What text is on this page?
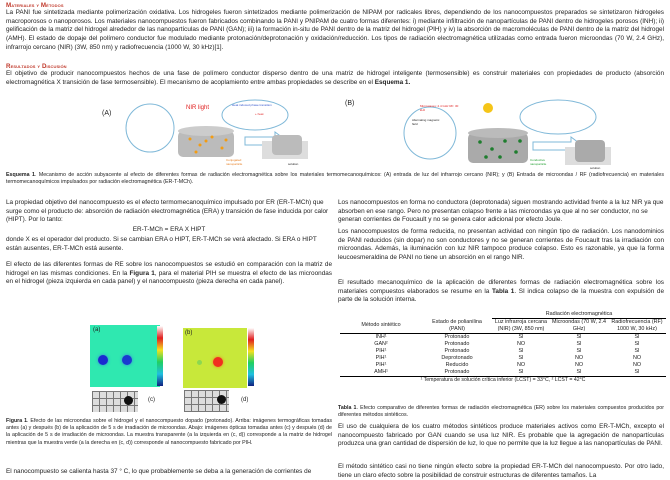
Materiales y Métodos
La PANI fue sintetizada mediante polimerización oxidativa. Los hidrogeles fueron sintetizados mediante polimerización de NIPAM por radicales libres, dependiendo de los nanocompuestos preparados se sintetizaron hidrogeles macroporosos o nanoporosos. Los materiales nanocompuestos fueron fabricados combinando la PANI y PNIPAM de cuatro formas diferentes: i) mediante infiltración de nanopartículas de PANI dentro de hidrogeles porosos (INH); ii) gelificación de la matriz del hidrogel alrededor de las nanopartículas de PANI (GAN); iii) la formación in-situ de PANI dentro de la matriz del hidrogel (PIH) y iv) la absorción de macromoléculas de PANI dentro de la matriz del hidrogel (AMH). El estado de dopaje del polímero conductor fue modulado mediante protonación/deprotonación y oxidación/reducción. Los tipos de radiación electromagnética utilizadas como entrada fueron microondas (70 W, 2.4 GHz), infrarrojo cercano (NIR) (3W, 850 nm) y radiofrecuencia (1000 W, 30 kHz)[1].
Resultados y Discusión
El objetivo de producir nanocompuestos hechos de una fase de polímero conductor disperso dentro de una matriz de hidrogel inteligente (termosensible) es construir materiales con propiedades de producto (absorción electromagnética X transición de fase termosensible). El mecanismo de acoplamiento entre ambas propiedades se describe en el Esquema 1.
(A)
(B)
NIR light	Heat induced phase transition
+ heat
Conjugated nanoparticle	solution
Microwaves: 2.4 GHz RF: 30 kHz
Alternating magnetic field
Conductive nanoparticle
solution
Esquema 1. Mecanismo de acción subyacente al efecto de diferentes formas de radiación electromagnética sobre los materiales termomecanoquímicos: (A) entrada de luz del infrarrojo cercano (NIR); y (B) Entrada de microondas / RF (radiofrecuencia) en materiales termomecanoquímicos impulsados por radiación electromagnética (ER-T-MCh).
La propiedad objetivo del nanocompuesto es el efecto termomecanoquímico impulsado por ER (ER-T-MCh) que surge como el producto de: absorción de radiación electromagnética (ERA) y transición de fase inducida por calor (HIPT). Por lo tanto:
ER-T-MCh = ERA X HIPT
donde X es el operador del producto. Si se cambian ERA o HIPT, ER-T-MCh se verá afectado. Si ERA o HIPT están ausentes, ER-T-MCh está ausente.
El efecto de las diferentes formas de RE sobre los nanocompuestos se estudió en comparación con la matriz de hidrogel en las mismas condiciones. En la Figura 1, para el material PIH se muestra el efecto de las microondas en el hidrogel (pieza izquierda en cada panel) y el nanocompuesto (pieza derecha en cada panel).
(a)	(b)
(c)	(d)
Figura 1. Efecto de las microondas sobre el hidrogel y el nanocompuesto dopado (protonado). Arriba: imágenes termográficas tomadas antes (a) y después (b) de la aplicación de 5 s de irradiación de microondas. Abajo: imágenes ópticas tomadas antes (c) y después (d) de la aplicación de 5 s de irradiación de microondas. La muestra transparente (a la izquierda en (c, d)) corresponde a la matriz de hidrogel mientras que la muestra verde (a la derecha en (c, d)) corresponde al nanocompuesto fabricado por PIH.
El nanocompuesto se calienta hasta 37 ° C, lo que probablemente se deba a la generación de corrientes de
Los nanocompuestos en forma no conductora (deprotonada) siguen mostrando actividad frente a la luz NIR ya que absorben en ese rango. Pero no presentan colapso frente a las microondas ya que al no ser conductor, no se generan corrientes de Foucault y no se genera calor adicional por efecto Joule.
Los nanocompuestos de forma reducida, no presentan actividad con ningún tipo de radiación. Los nanodominios de PANI reducidos (sin dopar) no son conductores y no se generan corrientes de Foucault tras la irradiación con microondas. Además, la iluminación con luz NIR tampoco produce colapso. Esto es razonable, ya que la forma leucoesmeraldina de PANI no tiene un absorción en el rango NIR.
El resultado mecanoquímico de la aplicación de diferentes formas de radiación electromagnética sobre los materiales compuestos elaborados se resume en la Tabla 1. SI indica colapso de la muestra con expulsión de parte de la solución interna.
		Radiación electromagnética		
Método sintético	Estado de polianilina (PANI)	Luz infrarroja cercana (NIR) (3W, 850 nm)	Microondas (70 W, 2.4 GHz)	Radiofrecuencia (RF) 1000 W, 30 kHz)
INH¹	Protonado	SI	SI	SI
GAN²	Protonado	NO	SI	SI
PIH¹	Protonado	SI	SI	SI
PIH¹	Deprotonado	SI	NO	NO
PIH¹	Reducido	NO	NO	NO
AMH¹	Protonado	SI	SI	SI
¹ Temperatura de solución crítica inferior (LCST) = 33°C, ² LCST = 42°C
Tabla 1. Efecto comparativo de diferentes formas de radiación electromagnética (ER) sobre los materiales compuestos producidos por diferentes métodos sintéticos.
El uso de cualquiera de los cuatro métodos sintéticos produce materiales activos como ER-T-MCh, excepto el nanocompuesto fabricado por GAN cuando se usa luz NIR. Es probable que la agregación de nanopartículas produzca una gran cantidad de dispersión de luz, lo que no permite que la luz llegue a las nanopartículas de PANI.
El método sintético casi no tiene ningún efecto sobre la propiedad ER-T-MCh del nanocompuesto. Por otro lado, tiene un claro efecto sobre la posibilidad de construir estructuras de diferentes tamaños. La
